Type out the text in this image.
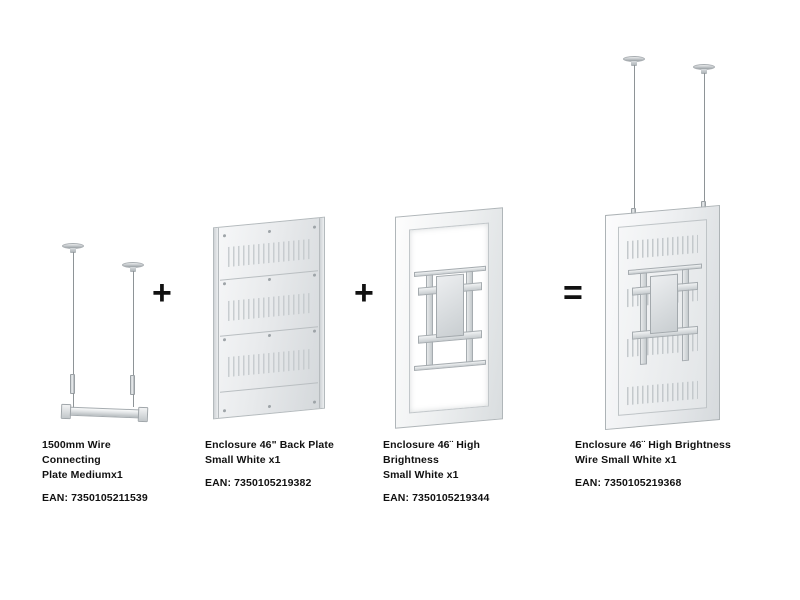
1500mm Wire Connecting
Plate Mediumx1
EAN: 7350105211539
+
Enclosure 46" Back Plate
Small White x1
EAN: 7350105219382
+
Enclosure 46¨ High Brightness
Small White x1
EAN: 7350105219344
=
Enclosure 46¨ High Brightness
Wire Small White x1
EAN: 7350105219368
